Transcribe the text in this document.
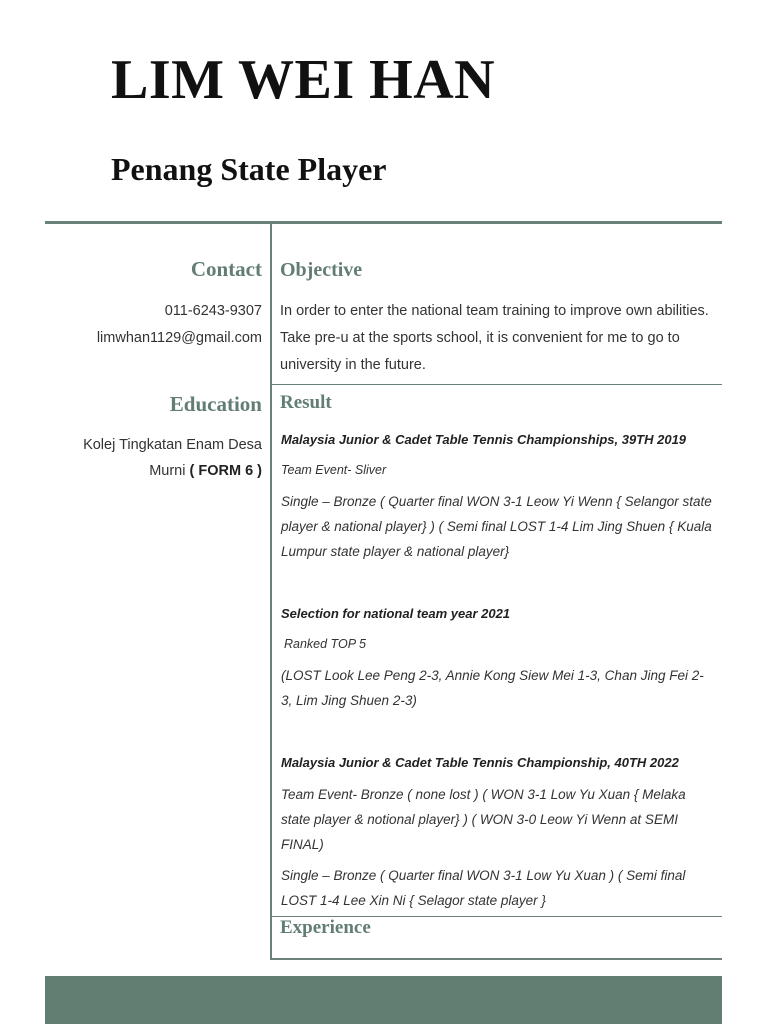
LIM WEI HAN
Penang State Player
Contact
011-6243-9307
limwhan1129@gmail.com
Education
Kolej Tingkatan Enam Desa
Murni ( FORM 6 )
Objective
In order to enter the national team training to improve own abilities. Take pre-u at the sports school, it is convenient for me to go to university in the future.
Result
Malaysia Junior & Cadet Table Tennis Championships, 39TH 2019
Team Event- Sliver
Single – Bronze ( Quarter final WON 3-1 Leow Yi Wenn { Selangor state player & national player} ) ( Semi final LOST 1-4 Lim Jing Shuen { Kuala Lumpur state player & national player}
Selection for national team year 2021
Ranked TOP 5
(LOST Look Lee Peng 2-3, Annie Kong Siew Mei 1-3, Chan Jing Fei 2-3, Lim Jing Shuen 2-3)
Malaysia Junior & Cadet Table Tennis Championship, 40TH 2022
Team Event- Bronze ( none lost ) ( WON 3-1 Low Yu Xuan { Melaka state player & notional player} ) ( WON 3-0 Leow Yi Wenn at SEMI FINAL)
Single – Bronze ( Quarter final WON 3-1 Low Yu Xuan ) ( Semi final LOST 1-4 Lee Xin Ni { Selagor state player }
Experience
